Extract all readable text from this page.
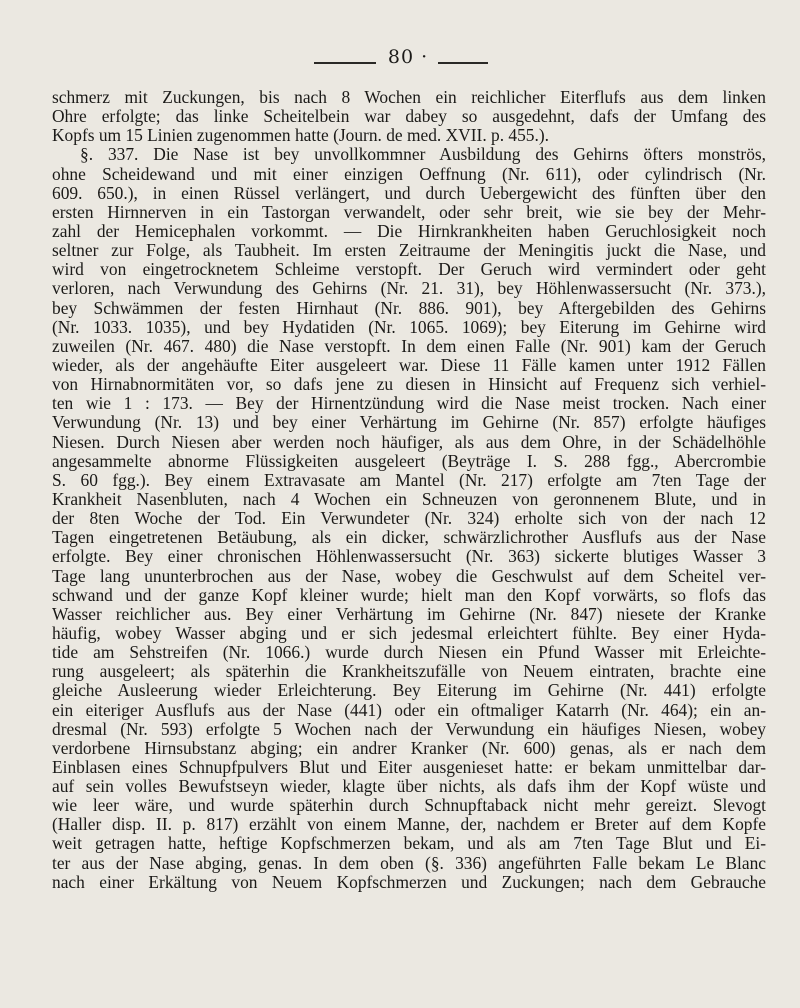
80 ·
schmerz mit Zuckungen, bis nach 8 Wochen ein reichlicher Eiterflufs aus dem linken
Ohre erfolgte; das linke Scheitelbein war dabey so ausgedehnt, dafs der Umfang des
Kopfs um 15 Linien zugenommen hatte (Journ. de med. XVII. p. 455.).
§. 337. Die Nase ist bey unvollkommner Ausbildung des Gehirns öfters monströs,
ohne Scheidewand und mit einer einzigen Oeffnung (Nr. 611), oder cylindrisch (Nr.
609. 650.), in einen Rüssel verlängert, und durch Uebergewicht des fünften über den
ersten Hirnnerven in ein Tastorgan verwandelt, oder sehr breit, wie sie bey der Mehr-
zahl der Hemicephalen vorkommt. — Die Hirnkrankheiten haben Geruchlosigkeit noch
seltner zur Folge, als Taubheit. Im ersten Zeitraume der Meningitis juckt die Nase, und
wird von eingetrocknetem Schleime verstopft. Der Geruch wird vermindert oder geht
verloren, nach Verwundung des Gehirns (Nr. 21. 31), bey Höhlenwassersucht (Nr. 373.),
bey Schwämmen der festen Hirnhaut (Nr. 886. 901), bey Aftergebilden des Gehirns
(Nr. 1033. 1035), und bey Hydatiden (Nr. 1065. 1069); bey Eiterung im Gehirne wird
zuweilen (Nr. 467. 480) die Nase verstopft. In dem einen Falle (Nr. 901) kam der Geruch
wieder, als der angehäufte Eiter ausgeleert war. Diese 11 Fälle kamen unter 1912 Fällen
von Hirnabnormitäten vor, so dafs jene zu diesen in Hinsicht auf Frequenz sich verhiel-
ten wie 1 : 173. — Bey der Hirnentzündung wird die Nase meist trocken. Nach einer
Verwundung (Nr. 13) und bey einer Verhärtung im Gehirne (Nr. 857) erfolgte häufiges
Niesen. Durch Niesen aber werden noch häufiger, als aus dem Ohre, in der Schädelhöhle
angesammelte abnorme Flüssigkeiten ausgeleert (Beyträge I. S. 288 fgg., Abercrombie
S. 60 fgg.). Bey einem Extravasate am Mantel (Nr. 217) erfolgte am 7ten Tage der
Krankheit Nasenbluten, nach 4 Wochen ein Schneuzen von geronnenem Blute, und in
der 8ten Woche der Tod. Ein Verwundeter (Nr. 324) erholte sich von der nach 12
Tagen eingetretenen Betäubung, als ein dicker, schwärzlichrother Ausflufs aus der Nase
erfolgte. Bey einer chronischen Höhlenwassersucht (Nr. 363) sickerte blutiges Wasser 3
Tage lang ununterbrochen aus der Nase, wobey die Geschwulst auf dem Scheitel ver-
schwand und der ganze Kopf kleiner wurde; hielt man den Kopf vorwärts, so flofs das
Wasser reichlicher aus. Bey einer Verhärtung im Gehirne (Nr. 847) niesete der Kranke
häufig, wobey Wasser abging und er sich jedesmal erleichtert fühlte. Bey einer Hyda-
tide am Sehstreifen (Nr. 1066.) wurde durch Niesen ein Pfund Wasser mit Erleichte-
rung ausgeleert; als späterhin die Krankheitszufälle von Neuem eintraten, brachte eine
gleiche Ausleerung wieder Erleichterung. Bey Eiterung im Gehirne (Nr. 441) erfolgte
ein eiteriger Ausflufs aus der Nase (441) oder ein oftmaliger Katarrh (Nr. 464); ein an-
dresmal (Nr. 593) erfolgte 5 Wochen nach der Verwundung ein häufiges Niesen, wobey
verdorbene Hirnsubstanz abging; ein andrer Kranker (Nr. 600) genas, als er nach dem
Einblasen eines Schnupfpulvers Blut und Eiter ausgenieset hatte: er bekam unmittelbar dar-
auf sein volles Bewufstseyn wieder, klagte über nichts, als dafs ihm der Kopf wüste und
wie leer wäre, und wurde späterhin durch Schnupftaback nicht mehr gereizt. Slevogt
(Haller disp. II. p. 817) erzählt von einem Manne, der, nachdem er Breter auf dem Kopfe
weit getragen hatte, heftige Kopfschmerzen bekam, und als am 7ten Tage Blut und Ei-
ter aus der Nase abging, genas. In dem oben (§. 336) angeführten Falle bekam Le Blanc
nach einer Erkältung von Neuem Kopfschmerzen und Zuckungen; nach dem Gebrauche
